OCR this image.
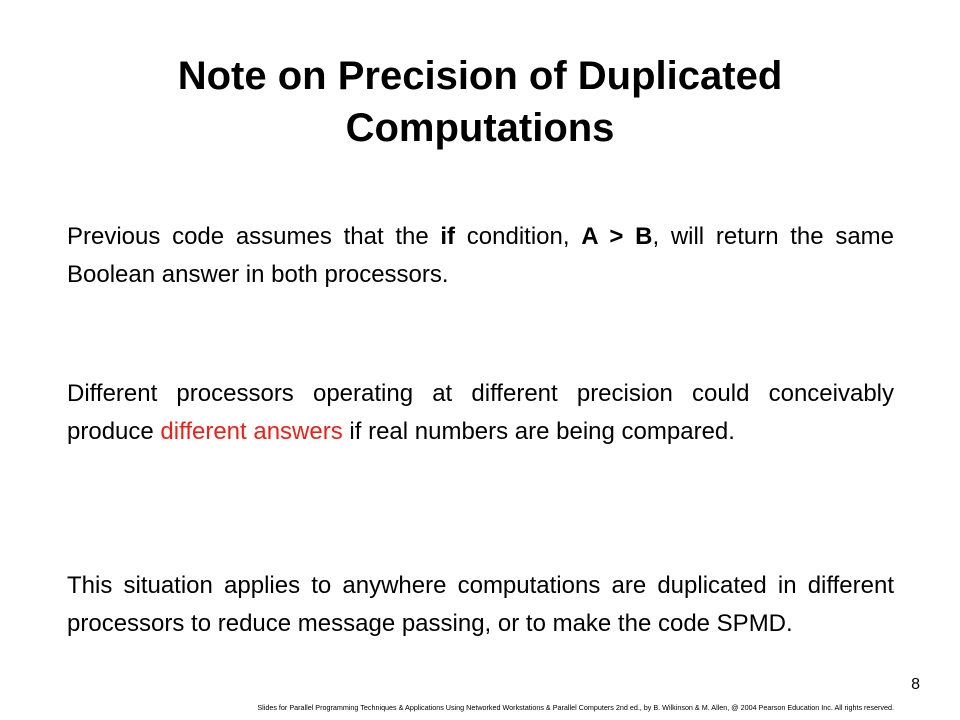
Note on Precision of Duplicated
Computations

Previous code assumes that the if condition, A > B, will return the same Boolean answer in both processors.

Different processors operating at different precision could conceivably produce different answers if real numbers are being compared.

This situation applies to anywhere computations are duplicated in different processors to reduce message passing, or to make the code SPMD.

8
Slides for Parallel Programming Techniques & Applications Using Networked Workstations & Parallel Computers 2nd ed., by B. Wilkinson & M. Allen, @ 2004 Pearson Education Inc. All rights reserved.
